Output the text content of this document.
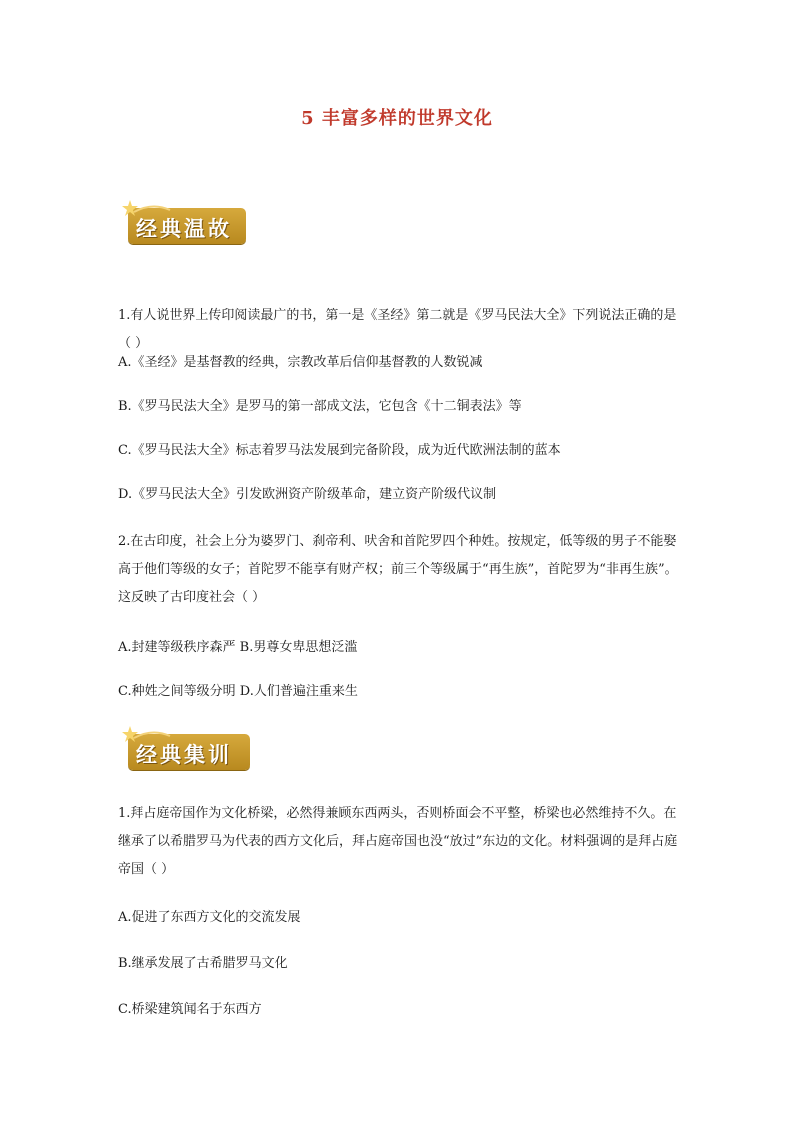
5 丰富多样的世界文化
经典温故
1.有人说世界上传印阅读最广的书，第一是《圣经》第二就是《罗马民法大全》下列说法正确的是（ ）
A.《圣经》是基督教的经典，宗教改革后信仰基督教的人数锐减
B.《罗马民法大全》是罗马的第一部成文法，它包含《十二铜表法》等
C.《罗马民法大全》标志着罗马法发展到完备阶段，成为近代欧洲法制的蓝本
D.《罗马民法大全》引发欧洲资产阶级革命，建立资产阶级代议制
2.在古印度，社会上分为婆罗门、刹帝利、吠舍和首陀罗四个种姓。按规定，低等级的男子不能娶高于他们等级的女子；首陀罗不能享有财产权；前三个等级属于“再生族”，首陀罗为“非再生族”。这反映了古印度社会（ ）
A.封建等级秩序森严 B.男尊女卑思想泛滥
C.种姓之间等级分明 D.人们普遍注重来生
经典集训
1.拜占庭帝国作为文化桥梁，必然得兼顾东西两头，否则桥面会不平整，桥梁也必然维持不久。在继承了以希腊罗马为代表的西方文化后，拜占庭帝国也没“放过”东边的文化。材料强调的是拜占庭帝国（ ）
A.促进了东西方文化的交流发展
B.继承发展了古希腊罗马文化
C.桥梁建筑闻名于东西方
